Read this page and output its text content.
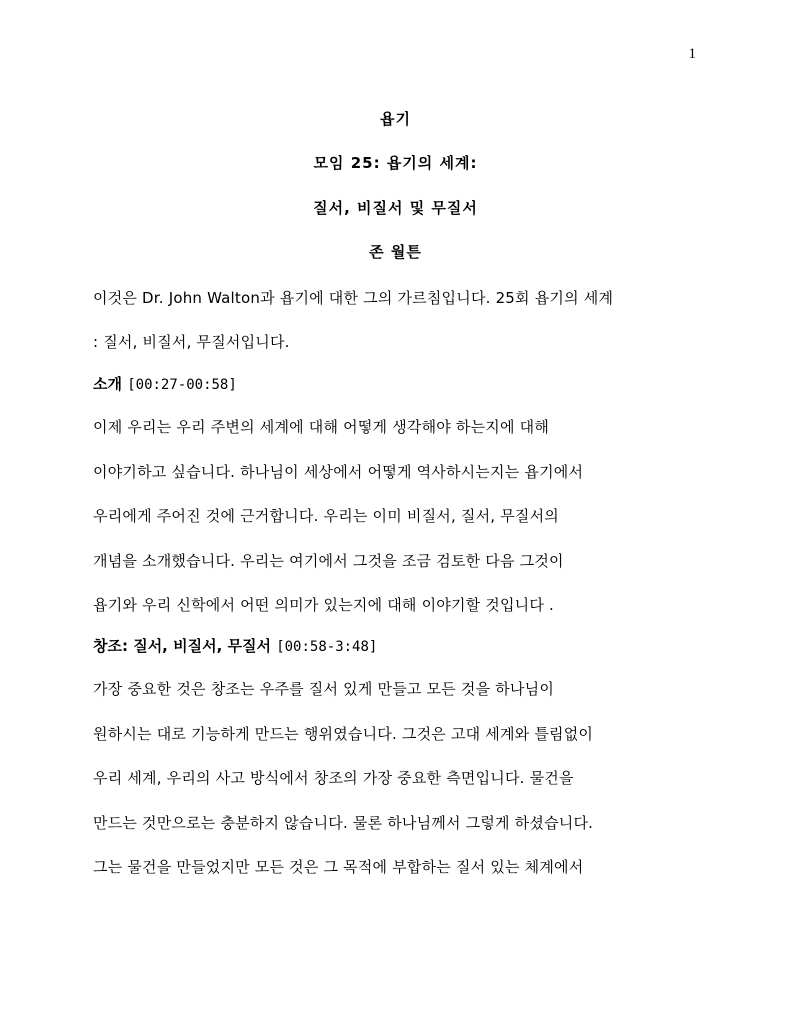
1
욥기
모임 25: 욥기의 세계:
질서, 비질서 및 무질서
존 월튼
이것은 Dr. John Walton과 욥기에 대한 그의 가르침입니다. 25회 욥기의 세계
: 질서, 비질서, 무질서입니다.
소개 [00:27-00:58]
이제 우리는 우리 주변의 세계에 대해 어떻게 생각해야 하는지에 대해
이야기하고 싶습니다. 하나님이 세상에서 어떻게 역사하시는지는 욥기에서
우리에게 주어진 것에 근거합니다. 우리는 이미 비질서, 질서, 무질서의
개념을 소개했습니다. 우리는 여기에서 그것을 조금 검토한 다음 그것이
욥기와 우리 신학에서 어떤 의미가 있는지에 대해 이야기할 것입니다 .
창조: 질서, 비질서, 무질서 [00:58-3:48]
가장 중요한 것은 창조는 우주를 질서 있게 만들고 모든 것을 하나님이
원하시는 대로 기능하게 만드는 행위였습니다. 그것은 고대 세계와 틀림없이
우리 세계, 우리의 사고 방식에서 창조의 가장 중요한 측면입니다. 물건을
만드는 것만으로는 충분하지 않습니다. 물론 하나님께서 그렇게 하셨습니다.
그는 물건을 만들었지만 모든 것은 그 목적에 부합하는 질서 있는 체계에서
